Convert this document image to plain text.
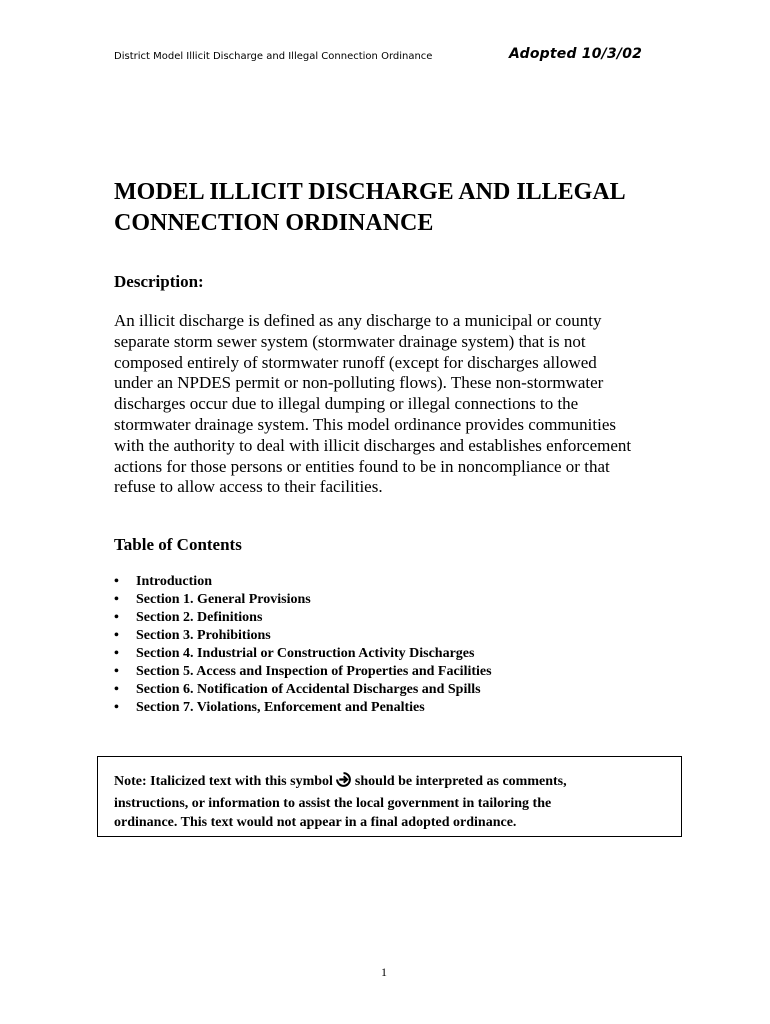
District Model Illicit Discharge and Illegal Connection Ordinance	Adopted 10/3/02
MODEL ILLICIT DISCHARGE AND ILLEGAL
CONNECTION ORDINANCE
Description:

An illicit discharge is defined as any discharge to a municipal or county
separate storm sewer system (stormwater drainage system) that is not
composed entirely of stormwater runoff (except for discharges allowed
under an NPDES permit or non-polluting flows). These non-stormwater
discharges occur due to illegal dumping or illegal connections to the
stormwater drainage system. This model ordinance provides communities
with the authority to deal with illicit discharges and establishes enforcement
actions for those persons or entities found to be in noncompliance or that
refuse to allow access to their facilities.

Table of Contents
•	Introduction
•	Section 1. General Provisions
•	Section 2. Definitions
•	Section 3. Prohibitions
•	Section 4. Industrial or Construction Activity Discharges
•	Section 5. Access and Inspection of Properties and Facilities
•	Section 6. Notification of Accidental Discharges and Spills
•	Section 7. Violations, Enforcement and Penalties

Note: Italicized text with this symbol  should be interpreted as comments,
instructions, or information to assist the local government in tailoring the
ordinance. This text would not appear in a final adopted ordinance.

1
